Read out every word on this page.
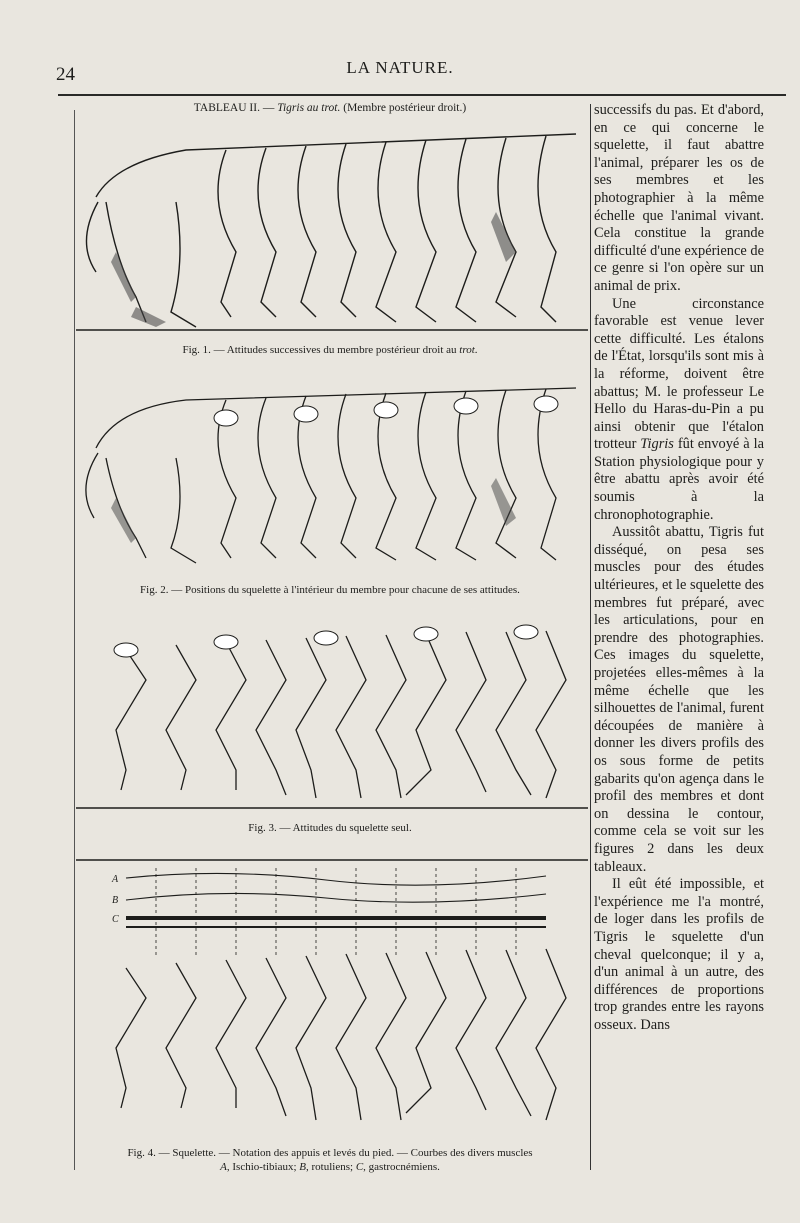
24	LA NATURE.
TABLEAU II. — Tigris au trot. (Membre postérieur droit.)
Fig. 1. — Attitudes successives du membre postérieur droit au trot.
Fig. 2. — Positions du squelette à l'intérieur du membre pour chacune de ses attitudes.
Fig. 3. — Attitudes du squelette seul.
A
B
C
Fig. 4. — Squelette. — Notation des appuis et levés du pied. — Courbes des divers muscles
A, Ischio-tibiaux; B, rotuliens; C, gastrocnémiens.

successifs du pas. Et d'abord, en ce qui concerne le squelette, il faut abattre l'animal, préparer les os de ses membres et les photographier à la même échelle que l'animal vivant. Cela constitue la grande difficulté d'une expérience de ce genre si l'on opère sur un animal de prix.

Une circonstance favorable est venue lever cette difficulté. Les étalons de l'État, lorsqu'ils sont mis à la réforme, doivent être abattus; M. le professeur Le Hello du Haras-du-Pin a pu ainsi obtenir que l'étalon trotteur Tigris fût envoyé à la Station physiologique pour y être abattu après avoir été soumis à la chronophotographie.

Aussitôt abattu, Tigris fut disséqué, on pesa ses muscles pour des études ultérieures, et le squelette des membres fut préparé, avec les articulations, pour en prendre des photographies. Ces images du squelette, projetées elles-mêmes à la même échelle que les silhouettes de l'animal, furent découpées de manière à donner les divers profils des os sous forme de petits gabarits qu'on agença dans le profil des membres et dont on dessina le contour, comme cela se voit sur les figures 2 dans les deux tableaux.

Il eût été impossible, et l'expérience me l'a montré, de loger dans les profils de Tigris le squelette d'un cheval quelconque; il y a, d'un animal à un autre, des différences de proportions trop grandes entre les rayons osseux. Dans
